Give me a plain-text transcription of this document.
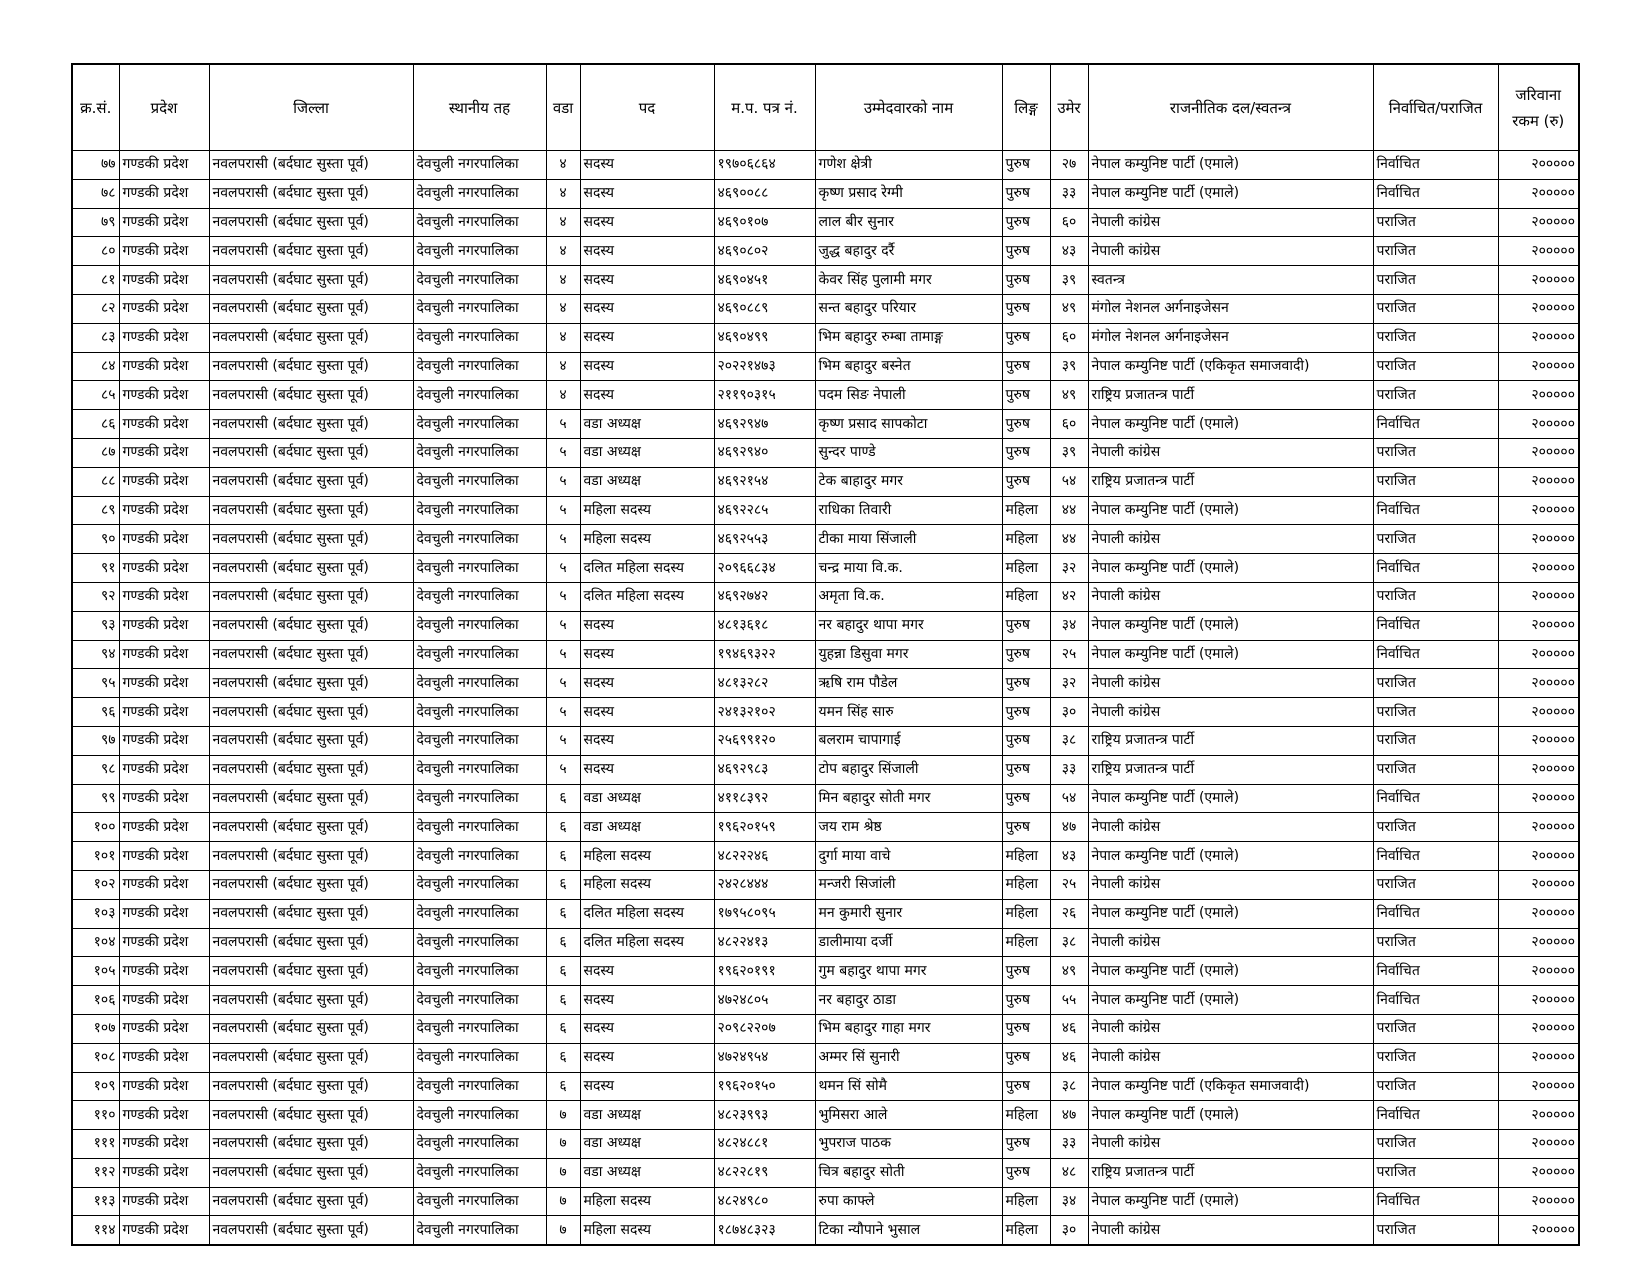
क्र.सं.	प्रदेश	जिल्ला	स्थानीय तह	वडा	पद	म.प. पत्र नं.	उम्मेदवारको नाम	लिङ्ग	उमेर	राजनीतिक दल/स्वतन्त्र	निर्वाचित/पराजित	जरिवाना रकम (रु)
७७	गण्डकी प्रदेश	नवलपरासी (बर्दघाट सुस्ता पूर्व)	देवचुली नगरपालिका	४	सदस्य	१९७०६८६४	गणेश क्षेत्री	पुरुष	२७	नेपाल कम्युनिष्ट पार्टी (एमाले)	निर्वाचित	२०००००
७८	गण्डकी प्रदेश	नवलपरासी (बर्दघाट सुस्ता पूर्व)	देवचुली नगरपालिका	४	सदस्य	४६९००८८	कृष्ण प्रसाद रेग्मी	पुरुष	३३	नेपाल कम्युनिष्ट पार्टी (एमाले)	निर्वाचित	२०००००
७९	गण्डकी प्रदेश	नवलपरासी (बर्दघाट सुस्ता पूर्व)	देवचुली नगरपालिका	४	सदस्य	४६९०१०७	लाल बीर सुनार	पुरुष	६०	नेपाली कांग्रेस	पराजित	२०००००
८०	गण्डकी प्रदेश	नवलपरासी (बर्दघाट सुस्ता पूर्व)	देवचुली नगरपालिका	४	सदस्य	४६९०८०२	जुद्ध बहादुर दर्रै	पुरुष	४३	नेपाली कांग्रेस	पराजित	२०००००
८१	गण्डकी प्रदेश	नवलपरासी (बर्दघाट सुस्ता पूर्व)	देवचुली नगरपालिका	४	सदस्य	४६९०४५१	केवर सिंह पुलामी मगर	पुरुष	३९	स्वतन्त्र	पराजित	२०००००
८२	गण्डकी प्रदेश	नवलपरासी (बर्दघाट सुस्ता पूर्व)	देवचुली नगरपालिका	४	सदस्य	४६९०८८९	सन्त बहादुर परियार	पुरुष	४९	मंगोल नेशनल अर्गनाइजेसन	पराजित	२०००००
८३	गण्डकी प्रदेश	नवलपरासी (बर्दघाट सुस्ता पूर्व)	देवचुली नगरपालिका	४	सदस्य	४६९०४९९	भिम बहादुर रुम्बा तामाङ्ग	पुरुष	६०	मंगोल नेशनल अर्गनाइजेसन	पराजित	२०००००
८४	गण्डकी प्रदेश	नवलपरासी (बर्दघाट सुस्ता पूर्व)	देवचुली नगरपालिका	४	सदस्य	२०२२१४७३	भिम बहादुर बस्नेत	पुरुष	३९	नेपाल कम्युनिष्ट पार्टी (एकिकृत समाजवादी)	पराजित	२०००००
८५	गण्डकी प्रदेश	नवलपरासी (बर्दघाट सुस्ता पूर्व)	देवचुली नगरपालिका	४	सदस्य	२११९०३१५	पदम सिङ नेपाली	पुरुष	४९	राष्ट्रिय प्रजातन्त्र पार्टी	पराजित	२०००००
८६	गण्डकी प्रदेश	नवलपरासी (बर्दघाट सुस्ता पूर्व)	देवचुली नगरपालिका	५	वडा अध्यक्ष	४६९२९४७	कृष्ण प्रसाद सापकोटा	पुरुष	६०	नेपाल कम्युनिष्ट पार्टी (एमाले)	निर्वाचित	२०००००
८७	गण्डकी प्रदेश	नवलपरासी (बर्दघाट सुस्ता पूर्व)	देवचुली नगरपालिका	५	वडा अध्यक्ष	४६९२९४०	सुन्दर पाण्डे	पुरुष	३९	नेपाली कांग्रेस	पराजित	२०००००
८८	गण्डकी प्रदेश	नवलपरासी (बर्दघाट सुस्ता पूर्व)	देवचुली नगरपालिका	५	वडा अध्यक्ष	४६९२१५४	टेक बाहादुर मगर	पुरुष	५४	राष्ट्रिय प्रजातन्त्र पार्टी	पराजित	२०००००
८९	गण्डकी प्रदेश	नवलपरासी (बर्दघाट सुस्ता पूर्व)	देवचुली नगरपालिका	५	महिला सदस्य	४६९२२८५	राधिका तिवारी	महिला	४४	नेपाल कम्युनिष्ट पार्टी (एमाले)	निर्वाचित	२०००००
९०	गण्डकी प्रदेश	नवलपरासी (बर्दघाट सुस्ता पूर्व)	देवचुली नगरपालिका	५	महिला सदस्य	४६९२५५३	टीका माया सिंजाली	महिला	४४	नेपाली कांग्रेस	पराजित	२०००००
९१	गण्डकी प्रदेश	नवलपरासी (बर्दघाट सुस्ता पूर्व)	देवचुली नगरपालिका	५	दलित महिला सदस्य	२०९६६८३४	चन्द्र माया वि.क.	महिला	३२	नेपाल कम्युनिष्ट पार्टी (एमाले)	निर्वाचित	२०००००
९२	गण्डकी प्रदेश	नवलपरासी (बर्दघाट सुस्ता पूर्व)	देवचुली नगरपालिका	५	दलित महिला सदस्य	४६९२७४२	अमृता वि.क.	महिला	४२	नेपाली कांग्रेस	पराजित	२०००००
९३	गण्डकी प्रदेश	नवलपरासी (बर्दघाट सुस्ता पूर्व)	देवचुली नगरपालिका	५	सदस्य	४८१३६१८	नर बहादुर थापा मगर	पुरुष	३४	नेपाल कम्युनिष्ट पार्टी (एमाले)	निर्वाचित	२०००००
९४	गण्डकी प्रदेश	नवलपरासी (बर्दघाट सुस्ता पूर्व)	देवचुली नगरपालिका	५	सदस्य	१९४६९३२२	युहन्ना डिसुवा मगर	पुरुष	२५	नेपाल कम्युनिष्ट पार्टी (एमाले)	निर्वाचित	२०००००
९५	गण्डकी प्रदेश	नवलपरासी (बर्दघाट सुस्ता पूर्व)	देवचुली नगरपालिका	५	सदस्य	४८१३२८२	ऋषि राम पौडेल	पुरुष	३२	नेपाली कांग्रेस	पराजित	२०००००
९६	गण्डकी प्रदेश	नवलपरासी (बर्दघाट सुस्ता पूर्व)	देवचुली नगरपालिका	५	सदस्य	२४१३२१०२	यमन सिंह सारु	पुरुष	३०	नेपाली कांग्रेस	पराजित	२०००००
९७	गण्डकी प्रदेश	नवलपरासी (बर्दघाट सुस्ता पूर्व)	देवचुली नगरपालिका	५	सदस्य	२५६९९१२०	बलराम चापागाई	पुरुष	३८	राष्ट्रिय प्रजातन्त्र पार्टी	पराजित	२०००००
९८	गण्डकी प्रदेश	नवलपरासी (बर्दघाट सुस्ता पूर्व)	देवचुली नगरपालिका	५	सदस्य	४६९२९८३	टोप बहादुर सिंजाली	पुरुष	३३	राष्ट्रिय प्रजातन्त्र पार्टी	पराजित	२०००००
९९	गण्डकी प्रदेश	नवलपरासी (बर्दघाट सुस्ता पूर्व)	देवचुली नगरपालिका	६	वडा अध्यक्ष	४११८३९२	मिन बहादुर सोती मगर	पुरुष	५४	नेपाल कम्युनिष्ट पार्टी (एमाले)	निर्वाचित	२०००००
१००	गण्डकी प्रदेश	नवलपरासी (बर्दघाट सुस्ता पूर्व)	देवचुली नगरपालिका	६	वडा अध्यक्ष	१९६२०१५९	जय राम श्रेष्ठ	पुरुष	४७	नेपाली कांग्रेस	पराजित	२०००००
१०१	गण्डकी प्रदेश	नवलपरासी (बर्दघाट सुस्ता पूर्व)	देवचुली नगरपालिका	६	महिला सदस्य	४८२२२४६	दुर्गा माया वाचे	महिला	४३	नेपाल कम्युनिष्ट पार्टी (एमाले)	निर्वाचित	२०००००
१०२	गण्डकी प्रदेश	नवलपरासी (बर्दघाट सुस्ता पूर्व)	देवचुली नगरपालिका	६	महिला सदस्य	२४२८४४४	मन्जरी सिजांली	महिला	२५	नेपाली कांग्रेस	पराजित	२०००००
१०३	गण्डकी प्रदेश	नवलपरासी (बर्दघाट सुस्ता पूर्व)	देवचुली नगरपालिका	६	दलित महिला सदस्य	१७९५८०९५	मन कुमारी सुनार	महिला	२६	नेपाल कम्युनिष्ट पार्टी (एमाले)	निर्वाचित	२०००००
१०४	गण्डकी प्रदेश	नवलपरासी (बर्दघाट सुस्ता पूर्व)	देवचुली नगरपालिका	६	दलित महिला सदस्य	४८२२४१३	डालीमाया दर्जी	महिला	३८	नेपाली कांग्रेस	पराजित	२०००००
१०५	गण्डकी प्रदेश	नवलपरासी (बर्दघाट सुस्ता पूर्व)	देवचुली नगरपालिका	६	सदस्य	१९६२०१९१	गुम बहादुर थापा मगर	पुरुष	४९	नेपाल कम्युनिष्ट पार्टी (एमाले)	निर्वाचित	२०००००
१०६	गण्डकी प्रदेश	नवलपरासी (बर्दघाट सुस्ता पूर्व)	देवचुली नगरपालिका	६	सदस्य	४७२४८०५	नर बहादुर ठाडा	पुरुष	५५	नेपाल कम्युनिष्ट पार्टी (एमाले)	निर्वाचित	२०००००
१०७	गण्डकी प्रदेश	नवलपरासी (बर्दघाट सुस्ता पूर्व)	देवचुली नगरपालिका	६	सदस्य	२०९८२२०७	भिम बहादुर गाहा मगर	पुरुष	४६	नेपाली कांग्रेस	पराजित	२०००००
१०८	गण्डकी प्रदेश	नवलपरासी (बर्दघाट सुस्ता पूर्व)	देवचुली नगरपालिका	६	सदस्य	४७२४९५४	अम्मर सिं सुनारी	पुरुष	४६	नेपाली कांग्रेस	पराजित	२०००००
१०९	गण्डकी प्रदेश	नवलपरासी (बर्दघाट सुस्ता पूर्व)	देवचुली नगरपालिका	६	सदस्य	१९६२०१५०	थमन सिं सोमै	पुरुष	३८	नेपाल कम्युनिष्ट पार्टी (एकिकृत समाजवादी)	पराजित	२०००००
११०	गण्डकी प्रदेश	नवलपरासी (बर्दघाट सुस्ता पूर्व)	देवचुली नगरपालिका	७	वडा अध्यक्ष	४८२३९९३	भुमिसरा आले	महिला	४७	नेपाल कम्युनिष्ट पार्टी (एमाले)	निर्वाचित	२०००००
१११	गण्डकी प्रदेश	नवलपरासी (बर्दघाट सुस्ता पूर्व)	देवचुली नगरपालिका	७	वडा अध्यक्ष	४८२४८८१	भुपराज पाठक	पुरुष	३३	नेपाली कांग्रेस	पराजित	२०००००
११२	गण्डकी प्रदेश	नवलपरासी (बर्दघाट सुस्ता पूर्व)	देवचुली नगरपालिका	७	वडा अध्यक्ष	४८२२८१९	चित्र बहादुर सोती	पुरुष	४८	राष्ट्रिय प्रजातन्त्र पार्टी	पराजित	२०००००
११३	गण्डकी प्रदेश	नवलपरासी (बर्दघाट सुस्ता पूर्व)	देवचुली नगरपालिका	७	महिला सदस्य	४८२४९८०	रुपा काफ्ले	महिला	३४	नेपाल कम्युनिष्ट पार्टी (एमाले)	निर्वाचित	२०००००
११४	गण्डकी प्रदेश	नवलपरासी (बर्दघाट सुस्ता पूर्व)	देवचुली नगरपालिका	७	महिला सदस्य	१८७४८३२३	टिका न्यौपाने भुसाल	महिला	३०	नेपाली कांग्रेस	पराजित	२०००००
